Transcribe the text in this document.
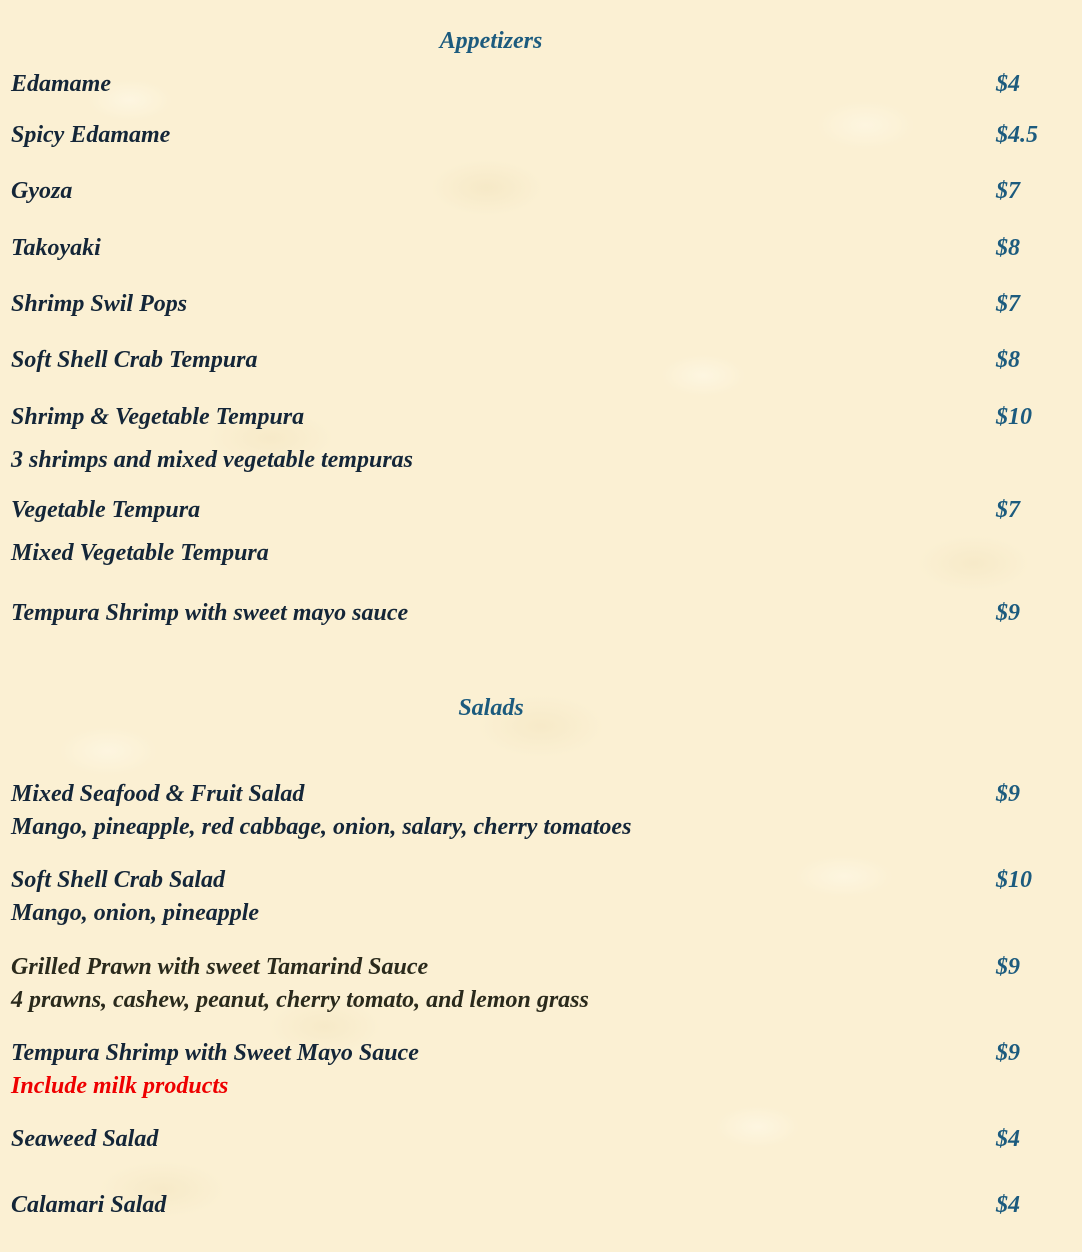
Appetizers
Edamame	$4
Spicy Edamame	$4.5
Gyoza	$7
Takoyaki	$8
Shrimp Swil Pops	$7
Soft Shell Crab Tempura	$8
Shrimp & Vegetable Tempura	$10
3 shrimps and mixed vegetable tempuras
Vegetable Tempura	$7
Mixed Vegetable Tempura
Tempura Shrimp with sweet mayo sauce	$9
Salads
Mixed Seafood & Fruit Salad	$9
Mango, pineapple, red cabbage, onion, salary, cherry tomatoes
Soft Shell Crab Salad	$10
Mango, onion, pineapple
Grilled Prawn with sweet Tamarind Sauce	$9
4 prawns, cashew, peanut, cherry tomato, and lemon grass
Tempura Shrimp with Sweet Mayo Sauce	$9
Include milk products
Seaweed Salad	$4
Calamari Salad	$4
